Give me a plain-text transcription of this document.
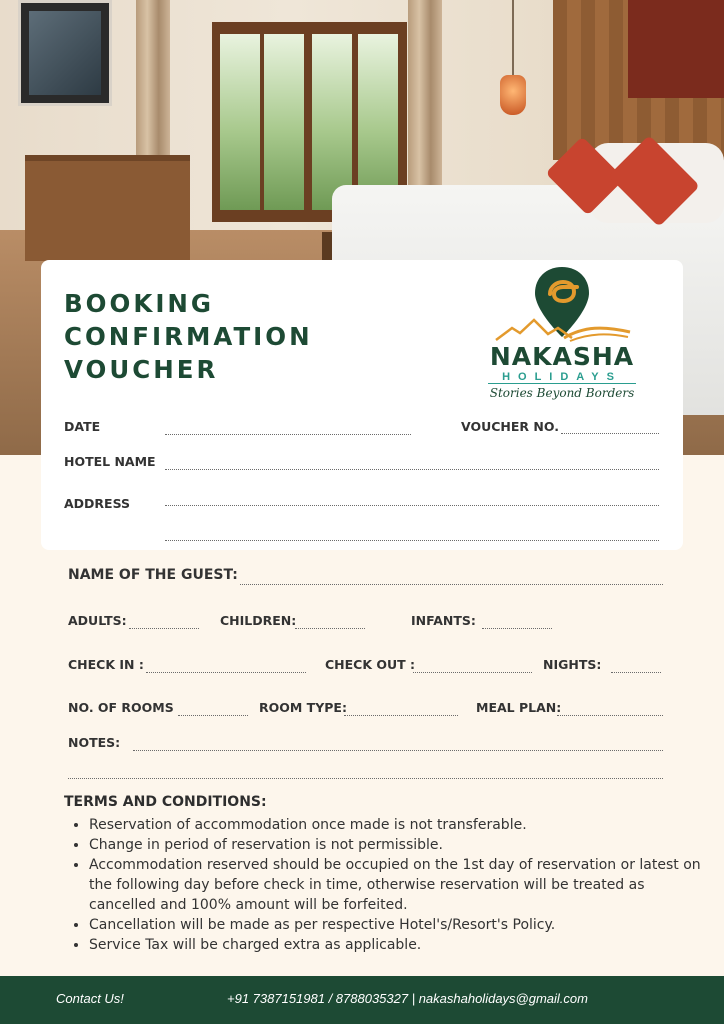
BOOKING
CONFIRMATION
VOUCHER	NAKASHA
HOLIDAYS
Stories Beyond Borders
DATE	VOUCHER NO.
HOTEL NAME
ADDRESS
NAME OF THE GUEST:
ADULTS:	CHILDREN:	INFANTS:
CHECK IN :	CHECK OUT :	NIGHTS:
NO. OF ROOMS	ROOM TYPE:	MEAL PLAN:
NOTES:
TERMS AND CONDITIONS:
• Reservation of accommodation once made is not transferable.
• Change in period of reservation is not permissible.
• Accommodation reserved should be occupied on the 1st day of reservation or latest on the following day before check in time, otherwise reservation will be treated as cancelled and 100% amount will be forfeited.
• Cancellation will be made as per respective Hotel's/Resort's Policy.
• Service Tax will be charged extra as applicable.
Contact Us!	+91 7387151981 / 8788035327 | nakashaholidays@gmail.com
